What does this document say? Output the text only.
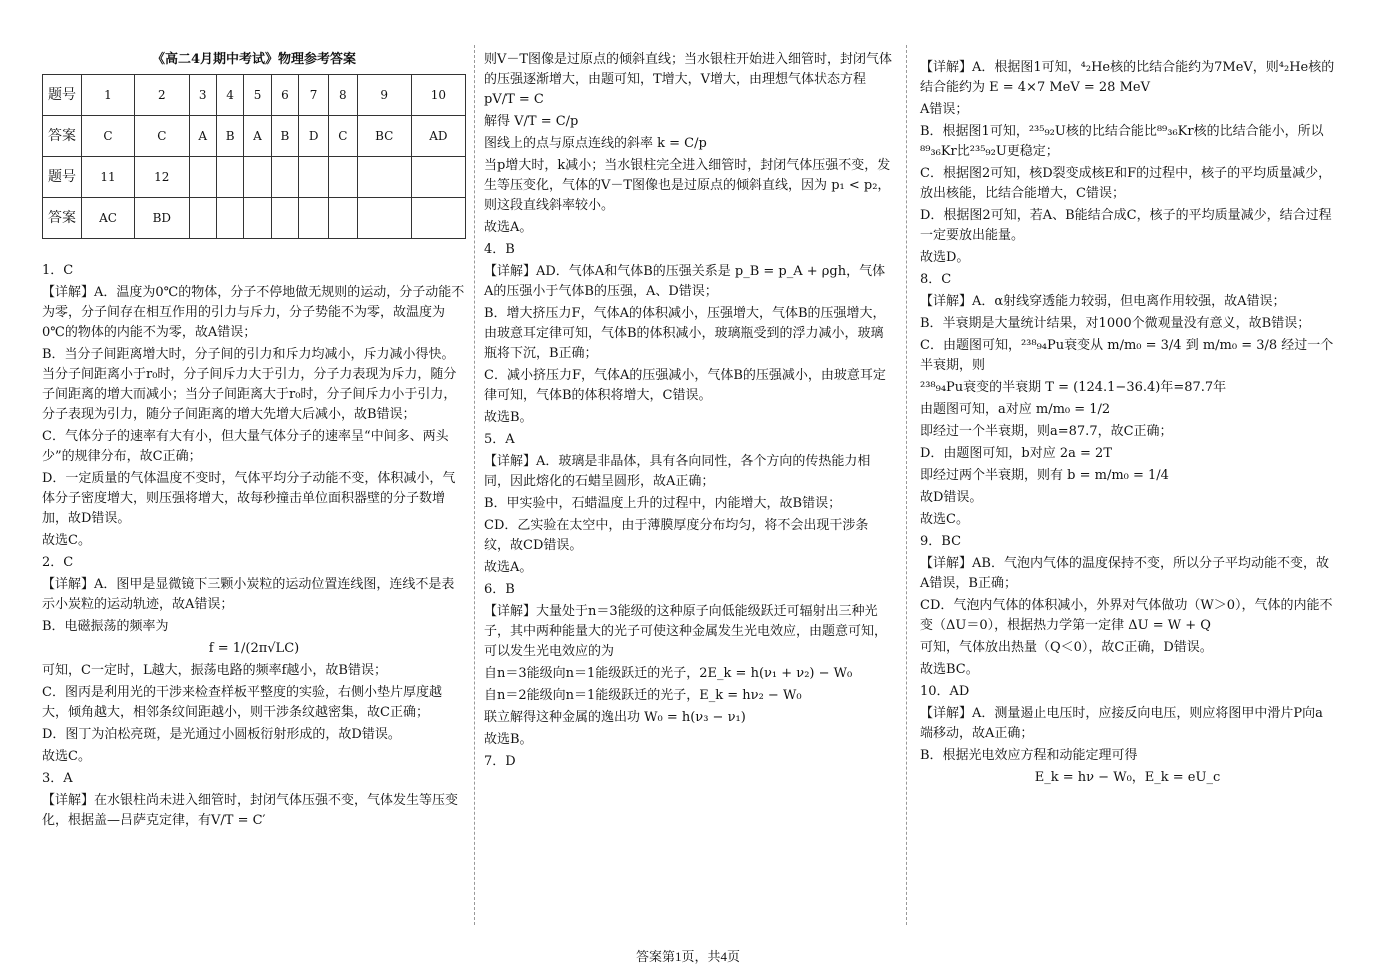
《高二4月期中考试》物理参考答案
题号	1	2	3	4	5	6	7	8	9	10
答案	C	C	A	B	A	B	D	C	BC	AD
题号	11	12								
答案	AC	BD								

1．C

【详解】A．温度为0℃的物体，分子不停地做无规则的运动，分子动能不为零，分子间存在相互作用的引力与斥力，分子势能不为零，故温度为0℃的物体的内能不为零，故A错误；

B．当分子间距离增大时，分子间的引力和斥力均减小，斥力减小得快。当分子间距离小于r₀时，分子间斥力大于引力，分子力表现为斥力，随分子间距离的增大而减小；当分子间距离大于r₀时，分子间斥力小于引力，分子表现为引力，随分子间距离的增大先增大后减小，故B错误；

C．气体分子的速率有大有小，但大量气体分子的速率呈“中间多、两头少”的规律分布，故C正确；

D．一定质量的气体温度不变时，气体平均分子动能不变，体积减小，气体分子密度增大，则压强将增大，故每秒撞击单位面积器壁的分子数增加，故D错误。

故选C。

2．C

【详解】A．图甲是显微镜下三颗小炭粒的运动位置连线图，连线不是表示小炭粒的运动轨迹，故A错误；

B．电磁振荡的频率为

f = 1/(2π√LC)

可知，C一定时，L越大，振荡电路的频率f越小，故B错误；

C．图丙是利用光的干涉来检查样板平整度的实验，右侧小垫片厚度越大，倾角越大，相邻条纹间距越小，则干涉条纹越密集，故C正确；

D．图丁为泊松亮斑，是光通过小圆板衍射形成的，故D错误。

故选C。

3．A

【详解】在水银柱尚未进入细管时，封闭气体压强不变，气体发生等压变化，根据盖—吕萨克定律，有V/T = C′

则V－T图像是过原点的倾斜直线；当水银柱开始进入细管时，封闭气体的压强逐渐增大，由题可知，T增大，V增大，由理想气体状态方程 pV/T = C

解得 V/T = C/p

图线上的点与原点连线的斜率 k = C/p

当p增大时，k减小；当水银柱完全进入细管时，封闭气体压强不变，发生等压变化，气体的V－T图像也是过原点的倾斜直线，因为 p₁ < p₂，则这段直线斜率较小。

故选A。

4．B

【详解】AD．气体A和气体B的压强关系是 p_B = p_A + ρgh，气体A的压强小于气体B的压强，A、D错误；

B．增大挤压力F，气体A的体积减小，压强增大，气体B的压强增大，由玻意耳定律可知，气体B的体积减小，玻璃瓶受到的浮力减小，玻璃瓶将下沉，B正确；

C．减小挤压力F，气体A的压强减小，气体B的压强减小，由玻意耳定律可知，气体B的体积将增大，C错误。

故选B。

5．A

【详解】A．玻璃是非晶体，具有各向同性，各个方向的传热能力相同，因此熔化的石蜡呈圆形，故A正确；

B．甲实验中，石蜡温度上升的过程中，内能增大，故B错误；

CD．乙实验在太空中，由于薄膜厚度分布均匀，将不会出现干涉条纹，故CD错误。

故选A。

6．B

【详解】大量处于n＝3能级的这种原子向低能级跃迁可辐射出三种光子，其中两种能量大的光子可使这种金属发生光电效应，由题意可知，可以发生光电效应的为

自n＝3能级向n＝1能级跃迁的光子，2E_k = h(ν₁ + ν₂) − W₀

自n＝2能级向n＝1能级跃迁的光子，E_k = hν₂ − W₀

联立解得这种金属的逸出功 W₀ = h(ν₃ − ν₁)

故选B。

7．D

【详解】A．根据图1可知，⁴₂He核的比结合能约为7MeV，则⁴₂He核的结合能约为 E = 4×7 MeV = 28 MeV

A错误；

B．根据图1可知，²³⁵₉₂U核的比结合能比⁸⁹₃₆Kr核的比结合能小，所以⁸⁹₃₆Kr比²³⁵₉₂U更稳定；

C．根据图2可知，核D裂变成核E和F的过程中，核子的平均质量减少，放出核能，比结合能增大，C错误；

D．根据图2可知，若A、B能结合成C，核子的平均质量减少，结合过程一定要放出能量。

故选D。

8．C

【详解】A．α射线穿透能力较弱，但电离作用较强，故A错误；

B．半衰期是大量统计结果，对1000个微观量没有意义，故B错误；

C．由题图可知，²³⁸₉₄Pu衰变从 m/m₀ = 3/4 到 m/m₀ = 3/8 经过一个半衰期，则

²³⁸₉₄Pu衰变的半衰期 T = (124.1−36.4)年=87.7年

由题图可知，a对应 m/m₀ = 1/2

即经过一个半衰期，则a=87.7，故C正确；

D．由题图可知，b对应 2a = 2T

即经过两个半衰期，则有 b = m/m₀ = 1/4

故D错误。

故选C。

9．BC

【详解】AB．气泡内气体的温度保持不变，所以分子平均动能不变，故A错误，B正确；

CD．气泡内气体的体积减小，外界对气体做功（W＞0），气体的内能不变（ΔU＝0），根据热力学第一定律 ΔU = W + Q

可知，气体放出热量（Q＜0），故C正确，D错误。

故选BC。

10．AD

【详解】A．测量遏止电压时，应接反向电压，则应将图甲中滑片P向a端移动，故A正确；

B．根据光电效应方程和动能定理可得

E_k = hν − W₀，E_k = eU_c

答案第1页，共4页
